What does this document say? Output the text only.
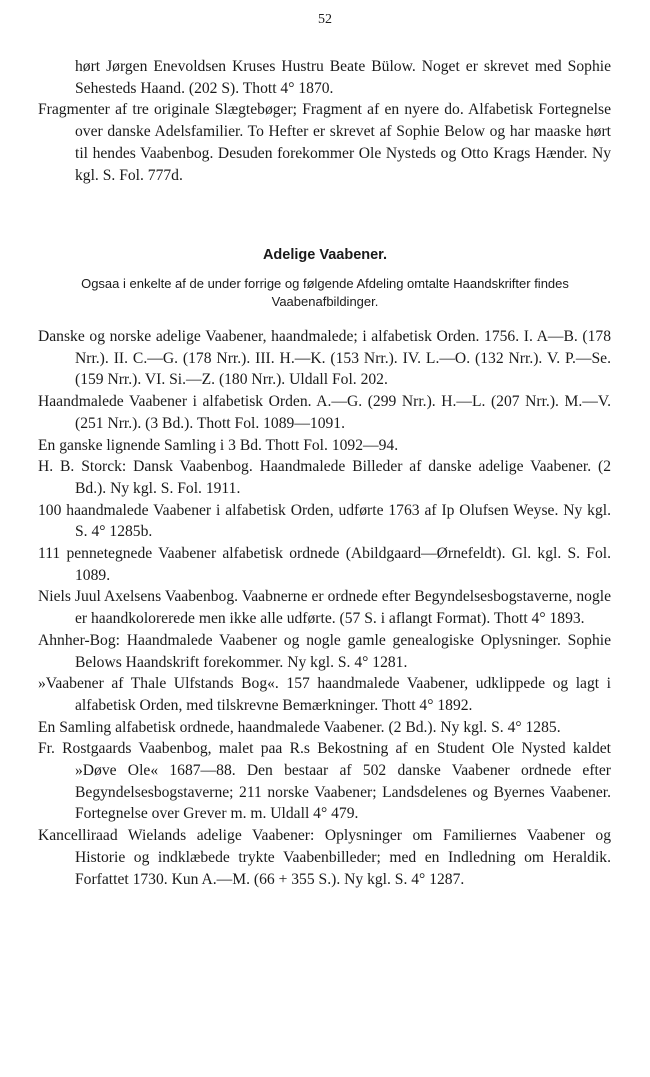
52

hørt Jørgen Enevoldsen Kruses Hustru Beate Bülow. Noget er skrevet med Sophie Sehesteds Haand. (202 S). Thott 4° 1870.

Fragmenter af tre originale Slægtebøger; Fragment af en nyere do. Alfabetisk Fortegnelse over danske Adelsfamilier. To Hefter er skrevet af Sophie Below og har maaske hørt til hendes Vaabenbog. Desuden forekommer Ole Nysteds og Otto Krags Hænder. Ny kgl. S. Fol. 777d.

Adelige Vaabener.
Ogsaa i enkelte af de under forrige og følgende Afdeling omtalte Haandskrifter findes Vaabenafbildinger.

Danske og norske adelige Vaabener, haandmalede; i alfabetisk Orden. 1756. I. A—B. (178 Nrr.). II. C.—G. (178 Nrr.). III. H.—K. (153 Nrr.). IV. L.—O. (132 Nrr.). V. P.—Se. (159 Nrr.). VI. Si.—Z. (180 Nrr.). Uldall Fol. 202.

Haandmalede Vaabener i alfabetisk Orden. A.—G. (299 Nrr.). H.—L. (207 Nrr.). M.—V. (251 Nrr.). (3 Bd.). Thott Fol. 1089—1091.

En ganske lignende Samling i 3 Bd. Thott Fol. 1092—94.

H. B. Storck: Dansk Vaabenbog. Haandmalede Billeder af danske adelige Vaabener. (2 Bd.). Ny kgl. S. Fol. 1911.

100 haandmalede Vaabener i alfabetisk Orden, udførte 1763 af Ip Olufsen Weyse. Ny kgl. S. 4° 1285b.

111 pennetegnede Vaabener alfabetisk ordnede (Abildgaard—Ørnefeldt). Gl. kgl. S. Fol. 1089.

Niels Juul Axelsens Vaabenbog. Vaabnerne er ordnede efter Begyndelsesbogstaverne, nogle er haandkolorerede men ikke alle udførte. (57 S. i aflangt Format). Thott 4° 1893.

Ahnher-Bog: Haandmalede Vaabener og nogle gamle genealogiske Oplysninger. Sophie Belows Haandskrift forekommer. Ny kgl. S. 4° 1281.

»Vaabener af Thale Ulfstands Bog«. 157 haandmalede Vaabener, udklippede og lagt i alfabetisk Orden, med tilskrevne Bemærkninger. Thott 4° 1892.

En Samling alfabetisk ordnede, haandmalede Vaabener. (2 Bd.). Ny kgl. S. 4° 1285.

Fr. Rostgaards Vaabenbog, malet paa R.s Bekostning af en Student Ole Nysted kaldet »Døve Ole« 1687—88. Den bestaar af 502 danske Vaabener ordnede efter Begyndelsesbogstaverne; 211 norske Vaabener; Landsdelenes og Byernes Vaabener. Fortegnelse over Grever m. m. Uldall 4° 479.

Kancelliraad Wielands adelige Vaabener: Oplysninger om Familiernes Vaabener og Historie og indklæbede trykte Vaabenbilleder; med en Indledning om Heraldik. Forfattet 1730. Kun A.—M. (66 + 355 S.). Ny kgl. S. 4° 1287.
